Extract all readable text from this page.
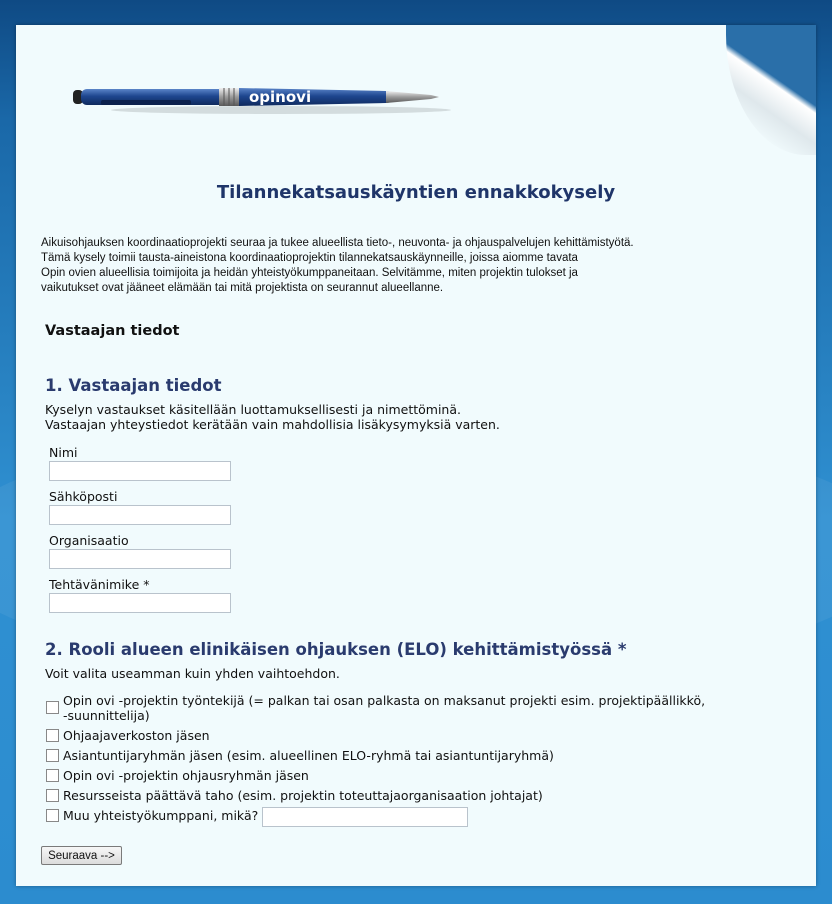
opinovi
Tilannekatsauskäyntien ennakkokysely
Aikuisohjauksen koordinaatioprojekti seuraa ja tukee alueellista tieto-, neuvonta- ja ohjauspalvelujen kehittämistyötä.
Tämä kysely toimii tausta-aineistona koordinaatioprojektin tilannekatsauskäynneille, joissa aiomme tavata
Opin ovien alueellisia toimijoita ja heidän yhteistyökumppaneitaan. Selvitämme, miten projektin tulokset ja
vaikutukset ovat jääneet elämään tai mitä projektista on seurannut alueellanne.
Vastaajan tiedot
1. Vastaajan tiedot
Kyselyn vastaukset käsitellään luottamuksellisesti ja nimettöminä.
Vastaajan yhteystiedot kerätään vain mahdollisia lisäkysymyksiä varten.
Nimi
Sähköposti
Organisaatio
Tehtävänimike *
2. Rooli alueen elinikäisen ohjauksen (ELO) kehittämistyössä *
Voit valita useamman kuin yhden vaihtoehdon.
Opin ovi -projektin työntekijä (= palkan tai osan palkasta on maksanut projekti esim. projektipäällikkö,
-suunnittelija)
Ohjaajaverkoston jäsen
Asiantuntijaryhmän jäsen (esim. alueellinen ELO-ryhmä tai asiantuntijaryhmä)
Opin ovi -projektin ohjausryhmän jäsen
Resursseista päättävä taho (esim. projektin toteuttajaorganisaation johtajat)
Muu yhteistyökumppani, mikä?
Seuraava -->
